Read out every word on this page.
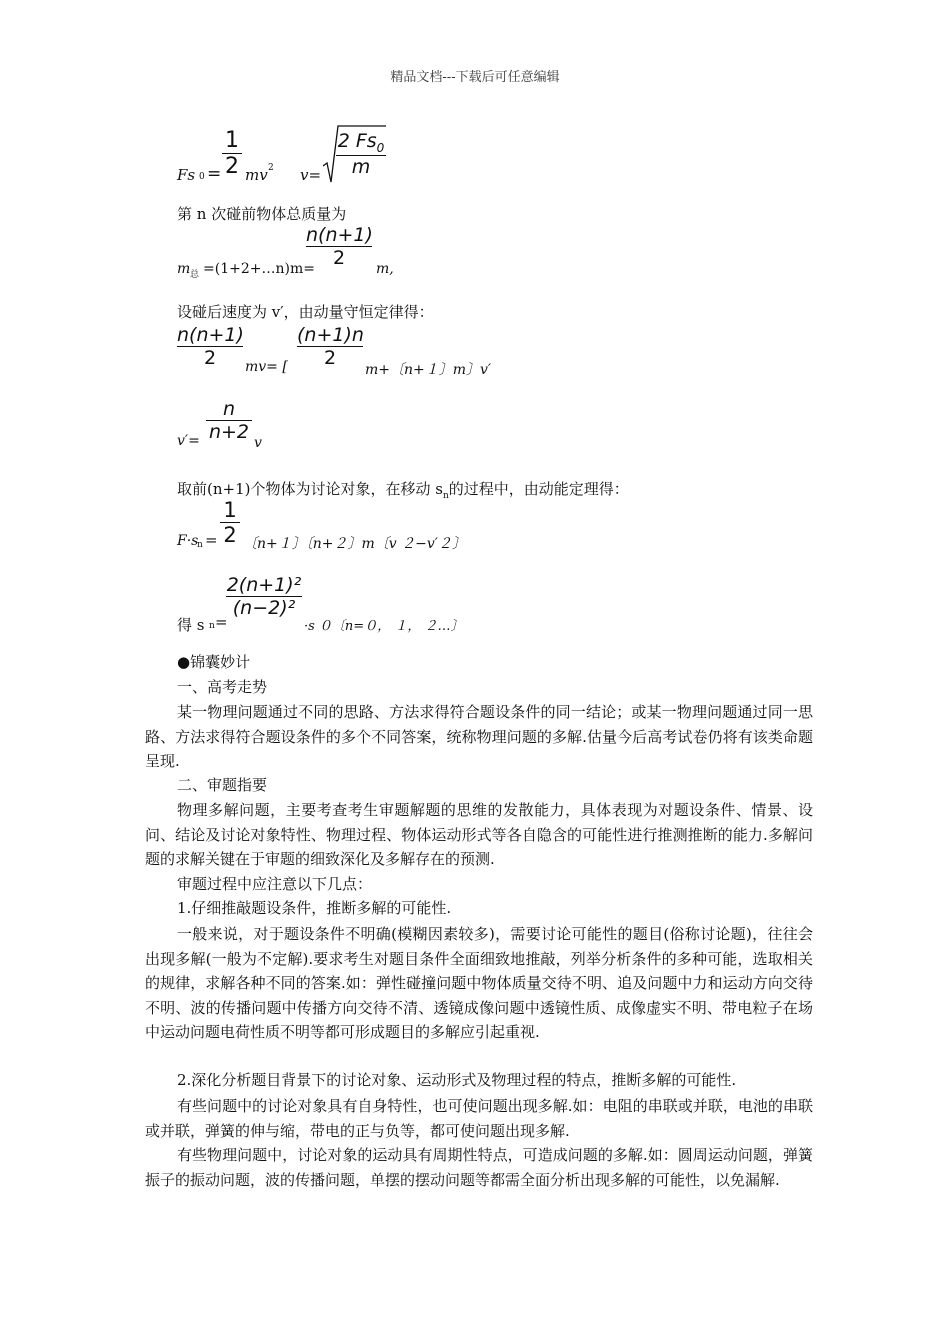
精品文档---下载后可任意编辑
Fs 0 =
1
2 mv 2 v=
2 $Fs_0$
m
第 n 次碰前物体总质量为
m 总 =(1+2+…n)m=
n(n+1)
2	m,
设碰后速度为 v′，由动量守恒定律得：
n(n+1)
2	mv= [
(n+1)n
2
m+〔n+１〕m〕v′
v′=
n
n+2 v
取前(n+1)个物体为讨论对象，在移动 $s_n$的过程中，由动能定理得：
F·s
n =
1
2 〔n+１〕〔n+２〕m〔v ２−v′２〕
得 s n =
2(n+1)²
(n−2)²
·s ０〔n=０， １， ２…〕
●锦囊妙计
一、高考走势
某一物理问题通过不同的思路、方法求得符合题设条件的同一结论；或某一物理问题通过同一思路、方法求得符合题设条件的多个不同答案，统称物理问题的多解.估量今后高考试卷仍将有该类命题呈现.
二、审题指要
物理多解问题，主要考查考生审题解题的思维的发散能力，具体表现为对题设条件、情景、设问、结论及讨论对象特性、物理过程、物体运动形式等各自隐含的可能性进行推测推断的能力.多解问题的求解关键在于审题的细致深化及多解存在的预测.
审题过程中应注意以下几点：
1.仔细推敲题设条件，推断多解的可能性.
一般来说，对于题设条件不明确(模糊因素较多)，需要讨论可能性的题目(俗称讨论题)，往往会出现多解(一般为不定解).要求考生对题目条件全面细致地推敲，列举分析条件的多种可能，选取相关的规律，求解各种不同的答案.如：弹性碰撞问题中物体质量交待不明、追及问题中力和运动方向交待不明、波的传播问题中传播方向交待不清、透镜成像问题中透镜性质、成像虚实不明、带电粒子在场中运动问题电荷性质不明等都可形成题目的多解应引起重视.
2.深化分析题目背景下的讨论对象、运动形式及物理过程的特点，推断多解的可能性.
有些问题中的讨论对象具有自身特性，也可使问题出现多解.如：电阻的串联或并联，电池的串联或并联，弹簧的伸与缩，带电的正与负等，都可使问题出现多解.
有些物理问题中，讨论对象的运动具有周期性特点，可造成问题的多解.如：圆周运动问题，弹簧振子的振动问题，波的传播问题，单摆的摆动问题等都需全面分析出现多解的可能性，以免漏解.
